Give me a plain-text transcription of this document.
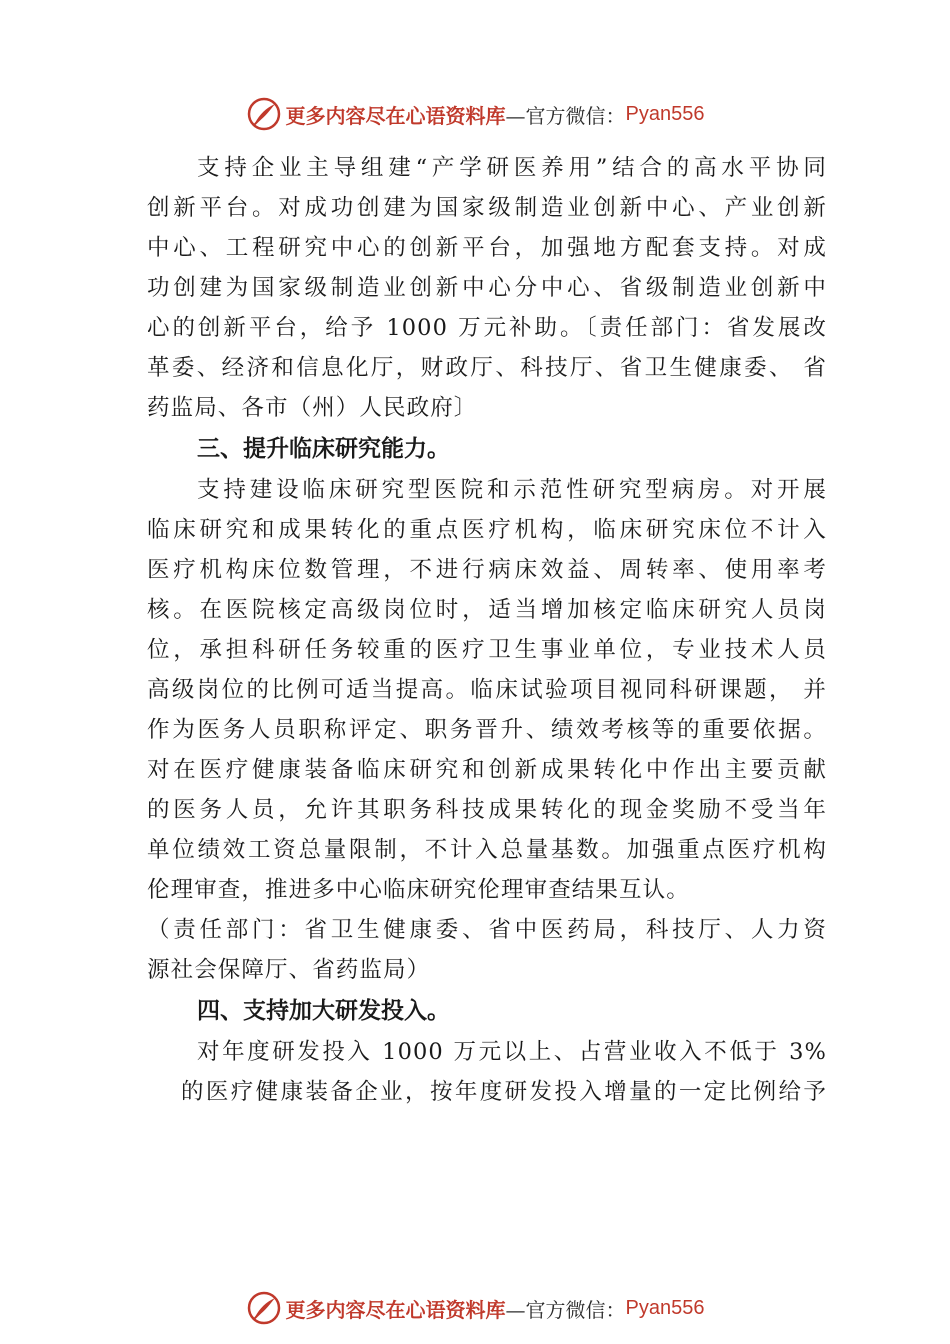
更多内容尽在心语资料库 —官方微信： Pyan556
支持企业主导组建“产学研医养用”结合的高水平协同
创新平台。对成功创建为国家级制造业创新中心、产业创新
中心、工程研究中心的创新平台，加强地方配套支持。对成
功创建为国家级制造业创新中心分中心、省级制造业创新中
心的创新平台，给予 1000 万元补助。〔责任部门：省发展改
革委、经济和信息化厅，财政厅、科技厅、省卫生健康委、 省
药监局、各市（州）人民政府〕
三、提升临床研究能力。
支持建设临床研究型医院和示范性研究型病房。对开展
临床研究和成果转化的重点医疗机构，临床研究床位不计入
医疗机构床位数管理，不进行病床效益、周转率、使用率考
核。在医院核定高级岗位时，适当增加核定临床研究人员岗
位，承担科研任务较重的医疗卫生事业单位，专业技术人员
高级岗位的比例可适当提高。临床试验项目视同科研课题， 并
作为医务人员职称评定、职务晋升、绩效考核等的重要依据。
对在医疗健康装备临床研究和创新成果转化中作出主要贡献
的医务人员，允许其职务科技成果转化的现金奖励不受当年
单位绩效工资总量限制，不计入总量基数。加强重点医疗机构
伦理审查，推进多中心临床研究伦理审查结果互认。
（责任部门：省卫生健康委、省中医药局，科技厅、人力资
源社会保障厅、省药监局）
四、支持加大研发投入。
对年度研发投入 1000 万元以上、占营业收入不低于 3%
的医疗健康装备企业，按年度研发投入增量的一定比例给予
更多内容尽在心语资料库 —官方微信： Pyan556
